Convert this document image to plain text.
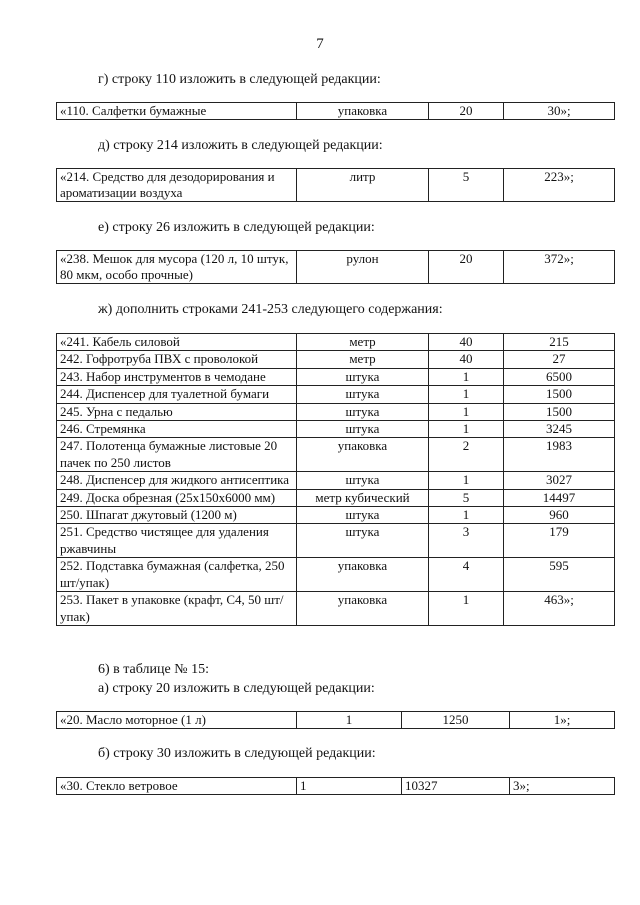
7
г) строку 110 изложить в следующей редакции:
«110. Салфетки бумажные	упаковка	20	30»;
д) строку 214 изложить в следующей редакции:
«214. Средство для дезодорирования и ароматизации воздуха	литр	5	223»;
е) строку 26 изложить в следующей редакции:
«238. Мешок для мусора (120 л, 10 штук, 80 мкм, особо прочные)	рулон	20	372»;
ж) дополнить строками 241-253 следующего содержания:
«241. Кабель силовой	метр	40	215
242. Гофротруба ПВХ с проволокой	метр	40	27
243. Набор инструментов в чемодане	штука	1	6500
244. Диспенсер для туалетной бумаги	штука	1	1500
245. Урна с педалью	штука	1	1500
246. Стремянка	штука	1	3245
247. Полотенца бумажные листовые 20 пачек по 250 листов	упаковка	2	1983
248. Диспенсер для жидкого антисептика	штука	1	3027
249. Доска обрезная (25х150х6000 мм)	метр кубический	5	14497
250. Шпагат джутовый (1200 м)	штука	1	960
251. Средство чистящее для удаления ржавчины	штука	3	179
252. Подставка бумажная (салфетка, 250 шт/упак)	упаковка	4	595
253. Пакет в упаковке (крафт, С4, 50 шт/упак)	упаковка	1	463»;
6) в таблице № 15:
а) строку 20 изложить в следующей редакции:
«20. Масло моторное (1 л)	1	1250	1»;
б) строку 30 изложить в следующей редакции:
«30. Стекло ветровое	1	10327	3»;
